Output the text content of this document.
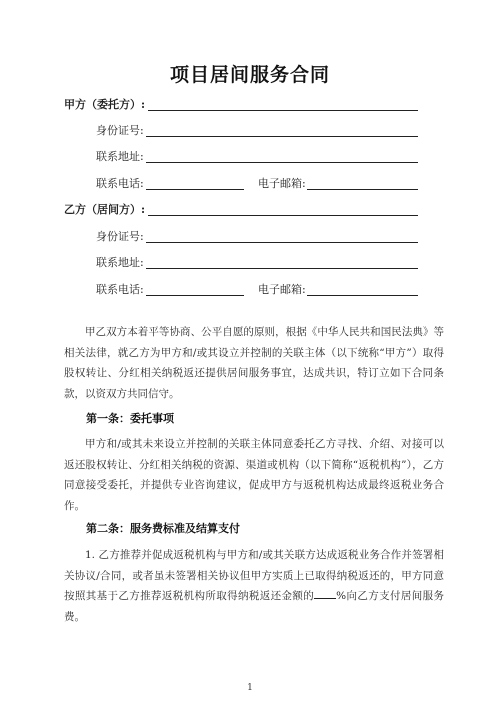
项目居间服务合同
甲方（委托方）:
身份证号:
联系地址:
联系电话:	电子邮箱:
乙方（居间方）:
身份证号:
联系地址:
联系电话:	电子邮箱:

甲乙双方本着平等协商、公平自愿的原则，根据《中华人民共和国民法典》等相关法律，就乙方为甲方和/或其设立并控制的关联主体（以下统称“甲方”）取得股权转让、分红相关纳税返还提供居间服务事宜，达成共识，特订立如下合同条款，以资双方共同信守。

第一条：委托事项

甲方和/或其未来设立并控制的关联主体同意委托乙方寻找、介绍、对接可以返还股权转让、分红相关纳税的资源、渠道或机构（以下简称“返税机构”），乙方同意接受委托，并提供专业咨询建议，促成甲方与返税机构达成最终返税业务合作。

第二条：服务费标准及结算支付

1. 乙方推荐并促成返税机构与甲方和/或其关联方达成返税业务合作并签署相关协议/合同，或者虽未签署相关协议但甲方实质上已取得纳税返还的，甲方同意按照其基于乙方推荐返税机构所取得纳税返还金额的 %向乙方支付居间服务费。

1
